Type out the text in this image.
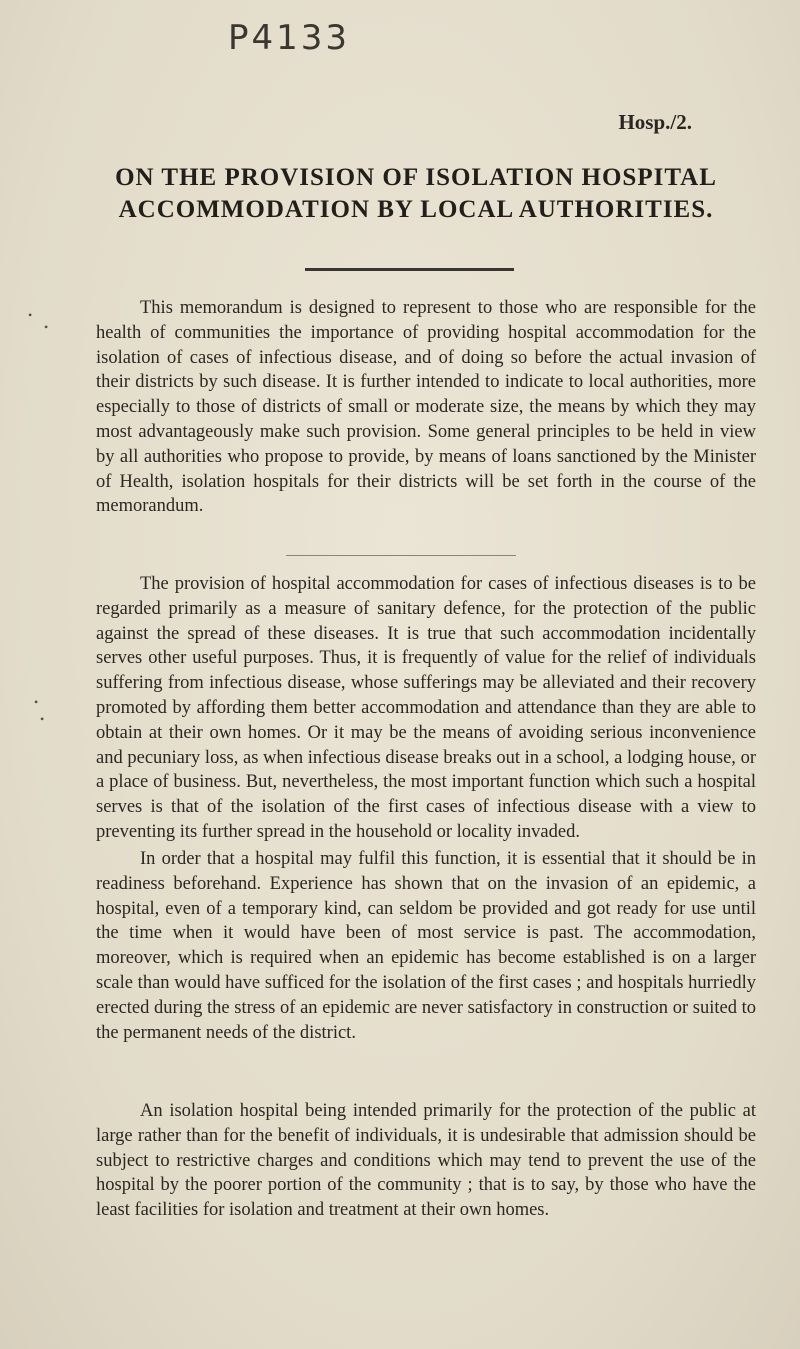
P4133
Hosp./2.
ON THE PROVISION OF ISOLATION HOSPITAL
ACCOMMODATION BY LOCAL AUTHORITIES.

This memorandum is designed to represent to those who are responsible for the health of communities the importance of providing hospital accommodation for the isolation of cases of infectious disease, and of doing so before the actual invasion of their districts by such disease. It is further intended to indicate to local authorities, more especially to those of districts of small or moderate size, the means by which they may most advantageously make such provision. Some general principles to be held in view by all authorities who propose to provide, by means of loans sanctioned by the Minister of Health, isolation hospitals for their districts will be set forth in the course of the memorandum.

The provision of hospital accommodation for cases of infectious diseases is to be regarded primarily as a measure of sanitary defence, for the protection of the public against the spread of these diseases. It is true that such accommodation incidentally serves other useful purposes. Thus, it is frequently of value for the relief of individuals suffering from infectious disease, whose sufferings may be alleviated and their recovery promoted by affording them better accommodation and attendance than they are able to obtain at their own homes. Or it may be the means of avoiding serious inconvenience and pecuniary loss, as when infectious disease breaks out in a school, a lodging house, or a place of business. But, nevertheless, the most important function which such a hospital serves is that of the isolation of the first cases of infectious disease with a view to preventing its further spread in the household or locality invaded.

In order that a hospital may fulfil this function, it is essential that it should be in readiness beforehand. Experience has shown that on the invasion of an epidemic, a hospital, even of a temporary kind, can seldom be provided and got ready for use until the time when it would have been of most service is past. The accommodation, moreover, which is required when an epidemic has become established is on a larger scale than would have sufficed for the isolation of the first cases ; and hospitals hurriedly erected during the stress of an epidemic are never satisfactory in construction or suited to the permanent needs of the district.

An isolation hospital being intended primarily for the protection of the public at large rather than for the benefit of individuals, it is undesirable that admission should be subject to restrictive charges and conditions which may tend to prevent the use of the hospital by the poorer portion of the community ; that is to say, by those who have the least facilities for isolation and treatment at their own homes.

•
•
•
•
